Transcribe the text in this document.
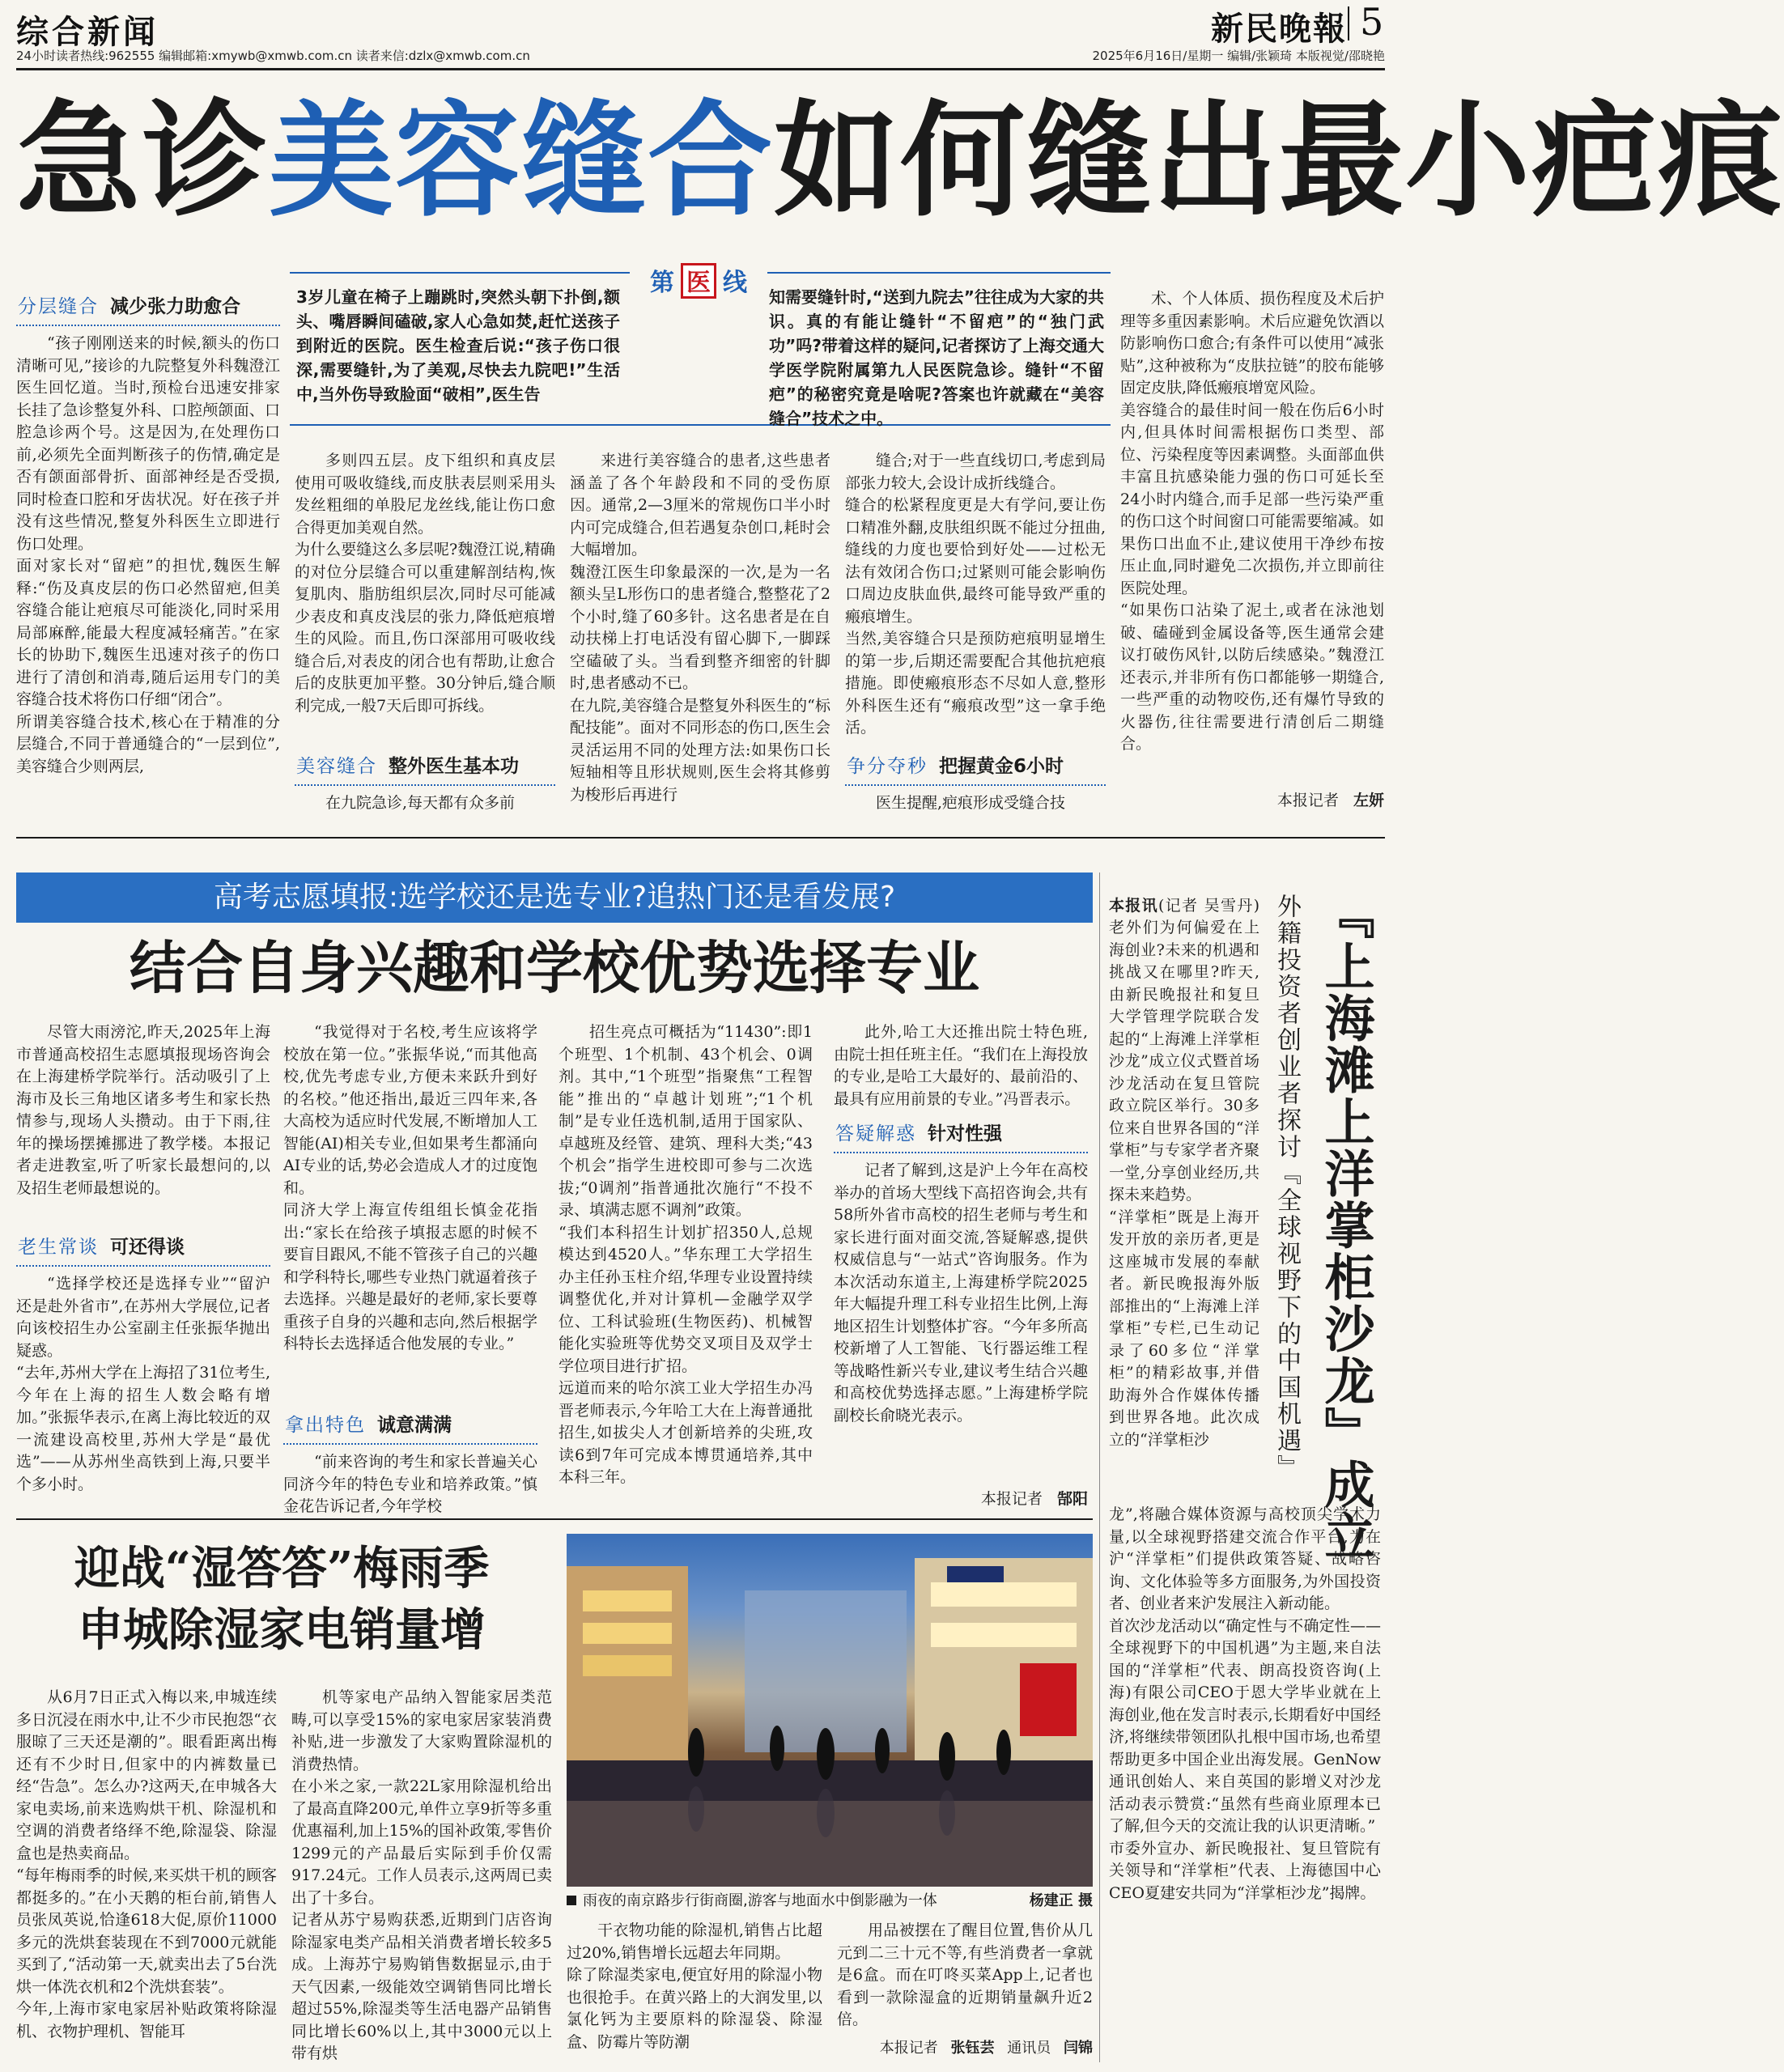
综合新闻
24小时读者热线:962555 编辑邮箱:xmywb@xmwb.com.cn 读者来信:dzlx@xmwb.com.cn
新民晚報 5
2025年6月16日/星期一 编辑/张颖琦 本版视觉/邵晓艳
急诊美容缝合如何缝出最小疤痕
第 医 线
3岁儿童在椅子上蹦跳时,突然头朝下扑倒,额头、嘴唇瞬间磕破,家人心急如焚,赶忙送孩子到附近的医院。医生检查后说:“孩子伤口很深,需要缝针,为了美观,尽快去九院吧!”生活中,当外伤导致脸面“破相”,医生告
知需要缝针时,“送到九院去”往往成为大家的共识。真的有能让缝针“不留疤”的“独门武功”吗?带着这样的疑问,记者探访了上海交通大学医学院附属第九人民医院急诊。缝针“不留疤”的秘密究竟是啥呢?答案也许就藏在“美容缝合”技术之中。
分层缝合 减少张力助愈合
“孩子刚刚送来的时候,额头的伤口清晰可见,”接诊的九院整复外科魏澄江医生回忆道。当时,预检台迅速安排家长挂了急诊整复外科、口腔颅颌面、口腔急诊两个号。这是因为,在处理伤口前,必须先全面判断孩子的伤情,确定是否有颌面部骨折、面部神经是否受损,同时检查口腔和牙齿状况。好在孩子并没有这些情况,整复外科医生立即进行伤口处理。
面对家长对“留疤”的担忧,魏医生解释:“伤及真皮层的伤口必然留疤,但美容缝合能让疤痕尽可能淡化,同时采用局部麻醉,能最大程度减轻痛苦。”在家长的协助下,魏医生迅速对孩子的伤口进行了清创和消毒,随后运用专门的美容缝合技术将伤口仔细“闭合”。
所谓美容缝合技术,核心在于精准的分层缝合,不同于普通缝合的“一层到位”,美容缝合少则两层,
多则四五层。皮下组织和真皮层使用可吸收缝线,而皮肤表层则采用头发丝粗细的单股尼龙丝线,能让伤口愈合得更加美观自然。
为什么要缝这么多层呢?魏澄江说,精确的对位分层缝合可以重建解剖结构,恢复肌肉、脂肪组织层次,同时尽可能减少表皮和真皮浅层的张力,降低疤痕增生的风险。而且,伤口深部用可吸收线缝合后,对表皮的闭合也有帮助,让愈合后的皮肤更加平整。30分钟后,缝合顺利完成,一般7天后即可拆线。
美容缝合 整外医生基本功
在九院急诊,每天都有众多前
来进行美容缝合的患者,这些患者涵盖了各个年龄段和不同的受伤原因。通常,2—3厘米的常规伤口半小时内可完成缝合,但若遇复杂创口,耗时会大幅增加。
魏澄江医生印象最深的一次,是为一名额头呈L形伤口的患者缝合,整整花了2个小时,缝了60多针。这名患者是在自动扶梯上打电话没有留心脚下,一脚踩空磕破了头。当看到整齐细密的针脚时,患者感动不已。
在九院,美容缝合是整复外科医生的“标配技能”。面对不同形态的伤口,医生会灵活运用不同的处理方法:如果伤口长短轴相等且形状规则,医生会将其修剪为梭形后再进行
缝合;对于一些直线切口,考虑到局部张力较大,会设计成折线缝合。
缝合的松紧程度更是大有学问,要让伤口精准外翻,皮肤组织既不能过分扭曲,缝线的力度也要恰到好处——过松无法有效闭合伤口;过紧则可能会影响伤口周边皮肤血供,最终可能导致严重的瘢痕增生。
当然,美容缝合只是预防疤痕明显增生的第一步,后期还需要配合其他抗疤痕措施。即使瘢痕形态不尽如人意,整形外科医生还有“瘢痕改型”这一拿手绝活。
争分夺秒 把握黄金6小时
医生提醒,疤痕形成受缝合技
术、个人体质、损伤程度及术后护理等多重因素影响。术后应避免饮酒以防影响伤口愈合;有条件可以使用“减张贴”,这种被称为“皮肤拉链”的胶布能够固定皮肤,降低瘢痕增宽风险。
美容缝合的最佳时间一般在伤后6小时内,但具体时间需根据伤口类型、部位、污染程度等因素调整。头面部血供丰富且抗感染能力强的伤口可延长至24小时内缝合,而手足部一些污染严重的伤口这个时间窗口可能需要缩减。如果伤口出血不止,建议使用干净纱布按压止血,同时避免二次损伤,并立即前往医院处理。
“如果伤口沾染了泥土,或者在泳池划破、磕碰到金属设备等,医生通常会建议打破伤风针,以防后续感染。”魏澄江还表示,并非所有伤口都能够一期缝合,一些严重的动物咬伤,还有爆竹导致的火器伤,往往需要进行清创后二期缝合。
本报记者 左妍
高考志愿填报:选学校还是选专业?追热门还是看发展?
结合自身兴趣和学校优势选择专业
尽管大雨滂沱,昨天,2025年上海市普通高校招生志愿填报现场咨询会在上海建桥学院举行。活动吸引了上海市及长三角地区诸多考生和家长热情参与,现场人头攒动。由于下雨,往年的操场摆摊挪进了教学楼。本报记者走进教室,听了听家长最想问的,以及招生老师最想说的。
老生常谈 可还得谈
“选择学校还是选择专业”“留沪还是赴外省市”,在苏州大学展位,记者向该校招生办公室副主任张振华抛出疑惑。
“去年,苏州大学在上海招了31位考生,今年在上海的招生人数会略有增加。”张振华表示,在离上海比较近的双一流建设高校里,苏州大学是“最优选”——从苏州坐高铁到上海,只要半个多小时。
“我觉得对于名校,考生应该将学校放在第一位。”张振华说,“而其他高校,优先考虑专业,方便未来跃升到好的名校。”他还指出,最近三四年来,各大高校为适应时代发展,不断增加人工智能(AI)相关专业,但如果考生都涌向AI专业的话,势必会造成人才的过度饱和。
同济大学上海宣传组组长慎金花指出:“家长在给孩子填报志愿的时候不要盲目跟风,不能不管孩子自己的兴趣和学科特长,哪些专业热门就逼着孩子去选择。兴趣是最好的老师,家长要尊重孩子自身的兴趣和志向,然后根据学科特长去选择适合他发展的专业。”
拿出特色 诚意满满
“前来咨询的考生和家长普遍关心同济今年的特色专业和培养政策。”慎金花告诉记者,今年学校
招生亮点可概括为“11430”:即1个班型、1个机制、43个机会、0调剂。其中,“1个班型”指聚焦“工程智能”推出的“卓越计划班”;“1个机制”是专业任选机制,适用于国家队、卓越班及经管、建筑、理科大类;“43个机会”指学生进校即可参与二次选拔;“0调剂”指普通批次施行“不投不录、填满志愿不调剂”政策。
“我们本科招生计划扩招350人,总规模达到4520人。”华东理工大学招生办主任孙玉柱介绍,华理专业设置持续调整优化,并对计算机—金融学双学位、工科试验班(生物医药)、机械智能化实验班等优势交叉项目及双学士学位项目进行扩招。
远道而来的哈尔滨工业大学招生办冯晋老师表示,今年哈工大在上海普通批招生,如拔尖人才创新培养的尖班,攻读6到7年可完成本博贯通培养,其中本科三年。
此外,哈工大还推出院士特色班,由院士担任班主任。“我们在上海投放的专业,是哈工大最好的、最前沿的、最具有应用前景的专业。”冯晋表示。
答疑解惑 针对性强
记者了解到,这是沪上今年在高校举办的首场大型线下高招咨询会,共有58所外省市高校的招生老师与考生和家长进行面对面交流,答疑解惑,提供权威信息与“一站式”咨询服务。作为本次活动东道主,上海建桥学院2025年大幅提升理工科专业招生比例,上海地区招生计划整体扩容。“今年多所高校新增了人工智能、飞行器运维工程等战略性新兴专业,建议考生结合兴趣和高校优势选择志愿。”上海建桥学院副校长俞晓光表示。
本报记者 郜阳	『上海滩上洋掌柜沙龙』成立
外籍投资者创业者探讨『全球视野下的中国机遇』

本报讯(记者 吴雪丹)老外们为何偏爱在上海创业?未来的机遇和挑战又在哪里?昨天,由新民晚报社和复旦大学管理学院联合发起的“上海滩上洋掌柜沙龙”成立仪式暨首场沙龙活动在复旦管院政立院区举行。30多位来自世界各国的“洋掌柜”与专家学者齐聚一堂,分享创业经历,共探未来趋势。
“洋掌柜”既是上海开发开放的亲历者,更是这座城市发展的奉献者。新民晚报海外版部推出的“上海滩上洋掌柜”专栏,已生动记录了60多位“洋掌柜”的精彩故事,并借助海外合作媒体传播到世界各地。此次成立的“洋掌柜沙

龙”,将融合媒体资源与高校顶尖学术力量,以全球视野搭建交流合作平台,为在沪“洋掌柜”们提供政策答疑、战略咨询、文化体验等多方面服务,为外国投资者、创业者来沪发展注入新动能。
首次沙龙活动以“确定性与不确定性——全球视野下的中国机遇”为主题,来自法国的“洋掌柜”代表、朗高投资咨询(上海)有限公司CEO于恩大学毕业就在上海创业,他在发言时表示,长期看好中国经济,将继续带领团队扎根中国市场,也希望帮助更多中国企业出海发展。GenNow通讯创始人、来自英国的影增义对沙龙活动表示赞赏:“虽然有些商业原理本已了解,但今天的交流让我的认识更清晰。”
市委外宣办、新民晚报社、复旦管院有关领导和“洋掌柜”代表、上海德国中心CEO夏建安共同为“洋掌柜沙龙”揭牌。
迎战“湿答答”梅雨季
申城除湿家电销量增
从6月7日正式入梅以来,申城连续多日沉浸在雨水中,让不少市民抱怨“衣服晾了三天还是潮的”。眼看距离出梅还有不少时日,但家中的内裤数量已经“告急”。怎么办?这两天,在申城各大家电卖场,前来选购烘干机、除湿机和空调的消费者络绎不绝,除湿袋、除湿盒也是热卖商品。
“每年梅雨季的时候,来买烘干机的顾客都挺多的。”在小天鹅的柜台前,销售人员张凤英说,恰逢618大促,原价11000多元的洗烘套装现在不到7000元就能买到了,“活动第一天,就卖出去了5台洗烘一体洗衣机和2个洗烘套装”。
今年,上海市家电家居补贴政策将除湿机、衣物护理机、智能耳
机等家电产品纳入智能家居类范畴,可以享受15%的家电家居家装消费补贴,进一步激发了大家购置除湿机的消费热情。
在小米之家,一款22L家用除湿机给出了最高直降200元,单件立享9折等多重优惠福利,加上15%的国补政策,零售价1299元的产品最后实际到手价仅需917.24元。工作人员表示,这两周已卖出了十多台。
记者从苏宁易购获悉,近期到门店咨询除湿家电类产品相关消费者增长较多5成。上海苏宁易购销售数据显示,由于天气因素,一级能效空调销售同比增长超过55%,除湿类等生活电器产品销售同比增长60%以上,其中3000元以上带有烘
雨夜的南京路步行街商圈,游客与地面水中倒影融为一体	杨建正 摄
干衣物功能的除湿机,销售占比超过20%,销售增长远超去年同期。
除了除湿类家电,便宜好用的除湿小物也很抢手。在黄兴路上的大润发里,以氯化钙为主要原料的除湿袋、除湿盒、防霉片等防潮
用品被摆在了醒目位置,售价从几元到二三十元不等,有些消费者一拿就是6盒。而在叮咚买菜App上,记者也看到一款除湿盒的近期销量飙升近2倍。
本报记者 张钰芸 通讯员 闫锦
